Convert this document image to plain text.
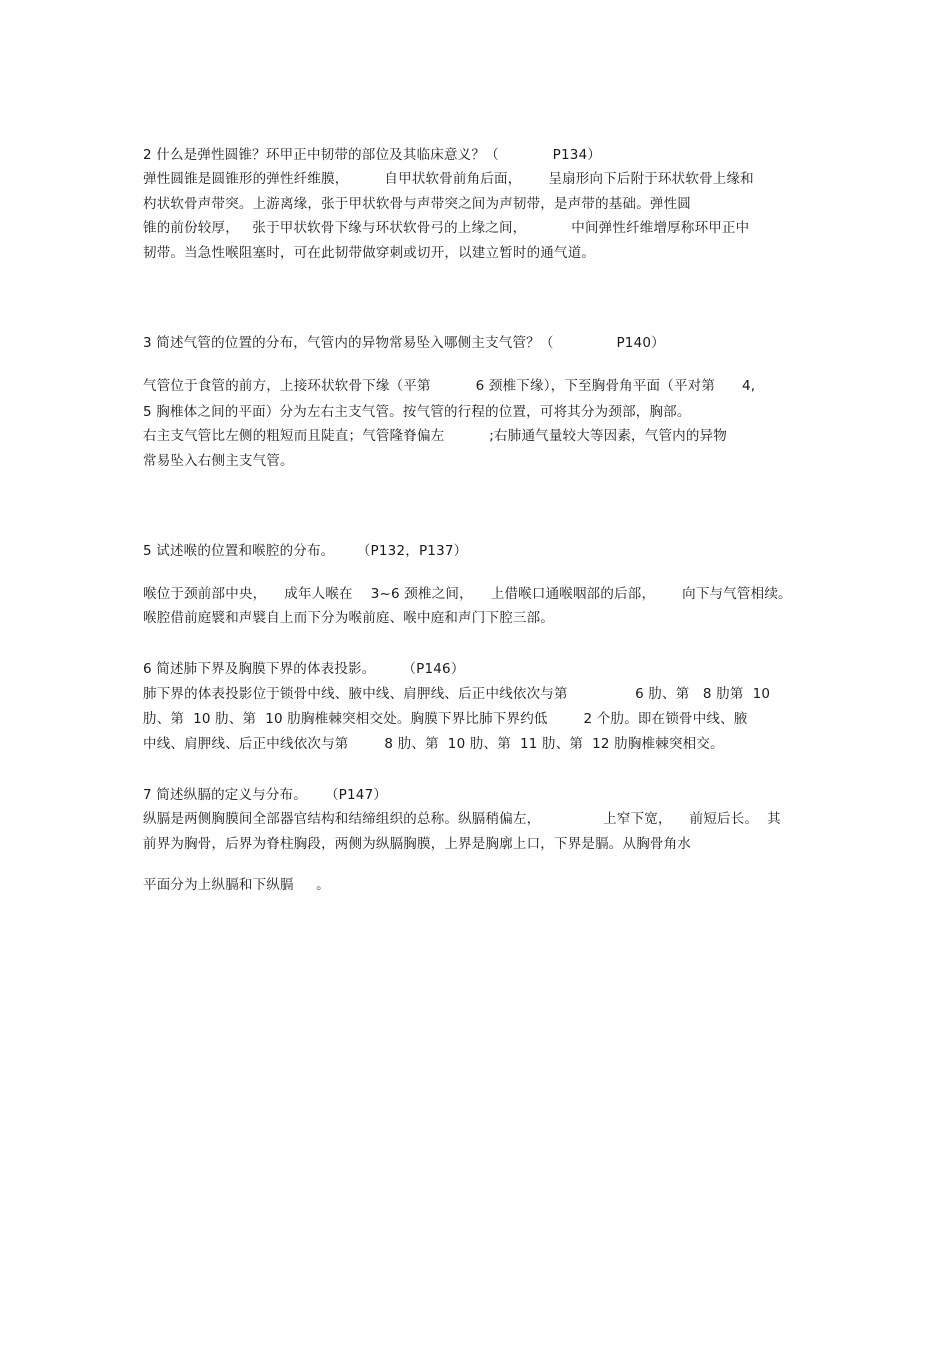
2 什么是弹性圆锥？环甲正中韧带的部位及其临床意义？（            P134）
弹性圆锥是圆锥形的弹性纤维膜，        自甲状软骨前角后面，      呈扇形向下后附于环状软骨上缘和
杓状软骨声带突。上游离缘，张于甲状软骨与声带突之间为声韧带，是声带的基础。弹性圆
锥的前份较厚，   张于甲状软骨下缘与环状软骨弓的上缘之间，          中间弹性纤维增厚称环甲正中
韧带。当急性喉阻塞时，可在此韧带做穿刺或切开，以建立暂时的通气道。
3 简述气管的位置的分布，气管内的异物常易坠入哪侧主支气管？（              P140）
气管位于食管的前方，上接环状软骨下缘（平第          6 颈椎下缘），下至胸骨角平面（平对第      4,
5 胸椎体之间的平面）分为左右主支气管。按气管的行程的位置，可将其分为颈部，胸部。
右主支气管比左侧的粗短而且陡直；气管隆脊偏左          ;右肺通气量较大等因素，气管内的异物
常易坠入右侧主支气管。
5 试述喉的位置和喉腔的分布。     （P132，P137）
喉位于颈前部中央，    成年人喉在    3~6 颈椎之间，    上借喉口通喉咽部的后部，      向下与气管相续。
喉腔借前庭襞和声襞自上而下分为喉前庭、喉中庭和声门下腔三部。
6 简述肺下界及胸膜下界的体表投影。      （P146）
肺下界的体表投影位于锁骨中线、腋中线、肩胛线、后正中线依次与第               6 肋、第   8 肋第  10
肋、第  10 肋、第  10 肋胸椎棘突相交处。胸膜下界比肺下界约低        2 个肋。即在锁骨中线、腋
中线、肩胛线、后正中线依次与第        8 肋、第  10 肋、第  11 肋、第  12 肋胸椎棘突相交。
7 简述纵膈的定义与分布。    （P147）
纵膈是两侧胸膜间全部器官结构和结缔组织的总称。纵膈稍偏左，              上窄下宽，    前短后长。  其
前界为胸骨，后界为脊柱胸段，两侧为纵膈胸膜，上界是胸廓上口，下界是膈。从胸骨角水
平面分为上纵膈和下纵膈     。
